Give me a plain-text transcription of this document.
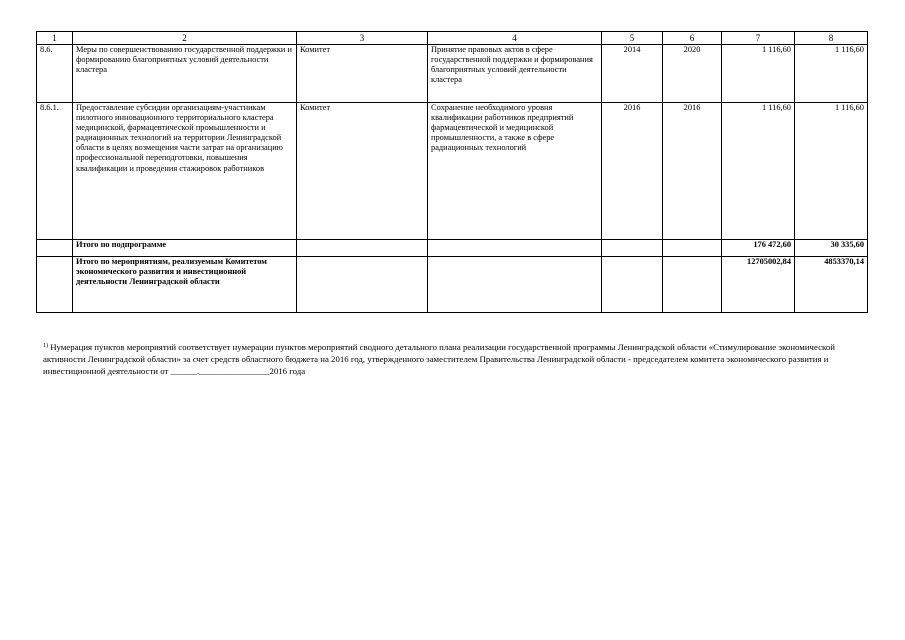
1	2	3	4	5	6	7	8
8.6.	Меры по совершенствованию государственной поддержки и формированию благоприятных условий деятельности кластера	Комитет	Принятие правовых актов в сфере государственной поддержки и формирования благоприятных условий деятельности кластера	2014	2020	1 116,60	1 116,60
8.6.1.	Предоставление субсидии организациям-участникам пилотного инновационного территориального кластера медицинской, фармацевтической промышленности и радиационных технологий на территории Ленинградской области в целях возмещения части затрат на организацию профессиональной переподготовки, повышения квалификации и проведения стажировок работников	Комитет	Сохранение необходимого уровня квалификации работников предприятий фармацевтической и медицинской промышленности, а также в сфере радиационных технологий	2016	2016	1 116,60	1 116,60
	Итого по подпрограмме					176 472,60	30 335,60
	Итого по мероприятиям, реализуемым Комитетом экономического развития и инвестиционной деятельности Ленинградской области					12705002,84	4853370,14
$^{1)}$ Нумерация пунктов мероприятий соответствует нумерации пунктов мероприятий сводного детального плана реализации государственной программы Ленинградской области «Стимулирование экономической активности Ленинградской области» за счет средств областного бюджета на 2016 год, утвержденного заместителем Правительства Ленинградской области - председателем комитета экономического развития и инвестиционной деятельности от ______.________________2016 года
